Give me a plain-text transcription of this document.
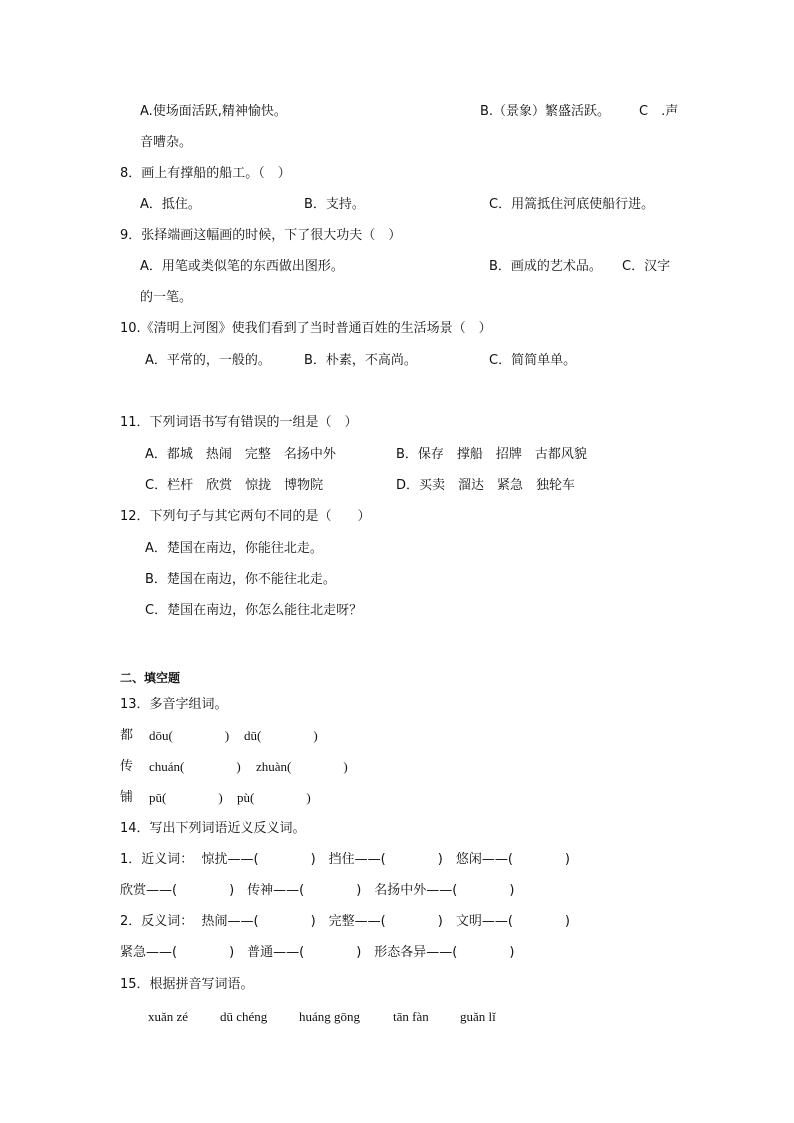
A.使场面活跃,精神愉快。	B.（景象）繁盛活跃。 C　.声
音嘈杂。
8．画上有撑船的船工。（　）
A．抵住。	B．支持。	C．用篙抵住河底使船行进。
9．张择端画这幅画的时候，下了很大功夫（　）
A．用笔或类似笔的东西做出图形。	B．画成的艺术品。 C．汉字
的一笔。
10.《清明上河图》使我们看到了当时普通百姓的生活场景（　）
A．平常的，一般的。	B．朴素，不高尚。	C．简简单单。
11．下列词语书写有错误的一组是（　）
A．都城　热闹　完整　名扬中外	B．保存　撑船　招牌　古都风貌
C．栏杆　欣赏　惊拢　博物院	D．买卖　溜达　紧急　独轮车
12．下列句子与其它两句不同的是（　　）
A．楚国在南边，你能往北走。
B．楚国在南边，你不能往北走。
C．楚国在南边，你怎么能往北走呀？
二、填空题
13．多音字组词。
都 dōu(　　　　) dū(　　　　)
传 chuán(　　　　) zhuàn(　　　　)
铺 pū(　　　　) pù(　　　　)
14．写出下列词语近义反义词。
1．近义词：  惊扰——(　　　　)　挡住——(　　　　)　悠闲——(　　　　)
欣赏——(　　　　)　传神——(　　　　)　名扬中外——(　　　　)
2．反义词：  热闹——(　　　　)　完整——(　　　　)　文明——(　　　　)
紧急——(　　　　)　普通——(　　　　)　形态各异——(　　　　)
15．根据拼音写词语。
xuǎn zé dū chéng huáng gōng	tān fàn guǎn lǐ
